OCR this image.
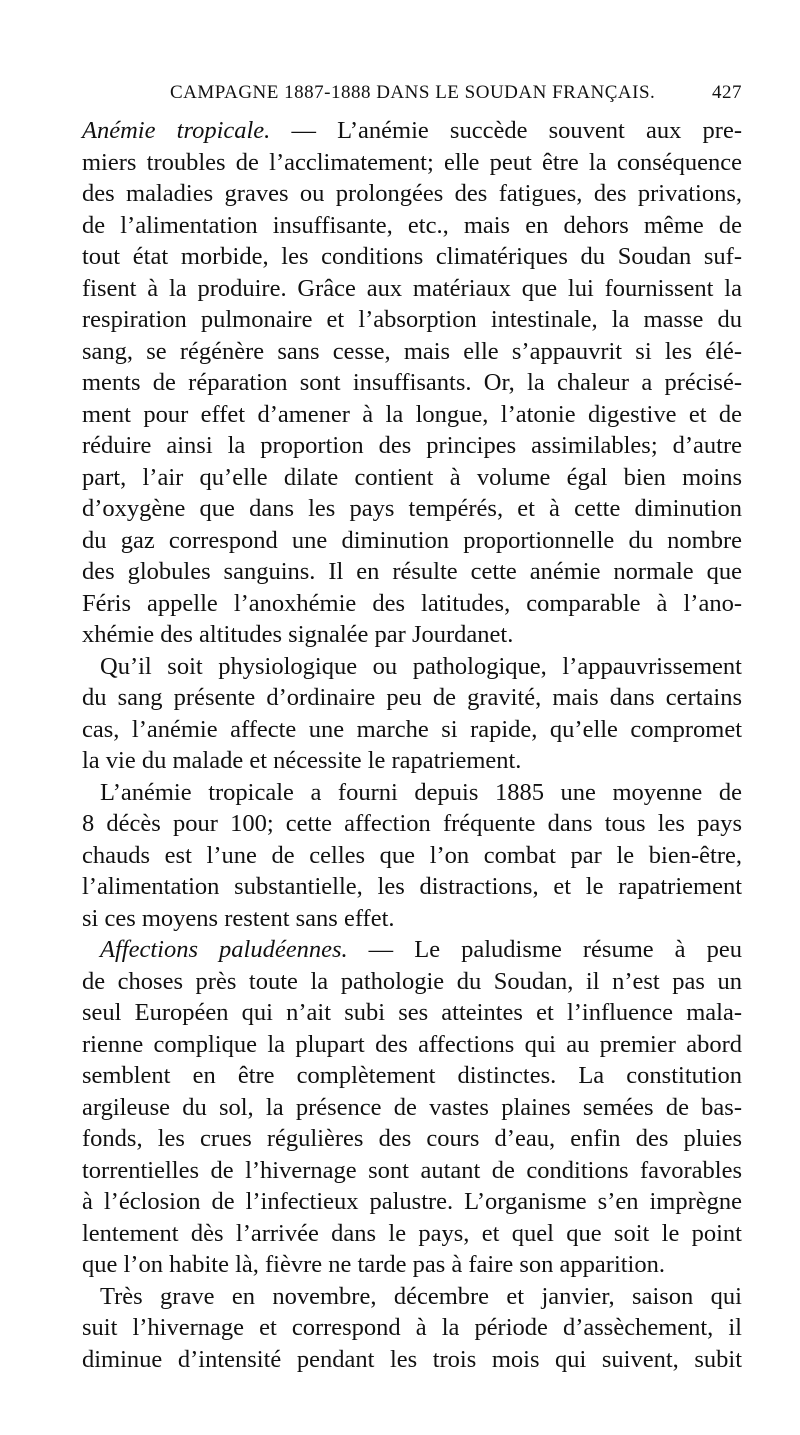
CAMPAGNE 1887-1888 DANS LE SOUDAN FRANÇAIS.	427
Anémie tropicale. — L’anémie succède souvent aux pre-
miers troubles de l’acclimatement; elle peut être la conséquence
des maladies graves ou prolongées des fatigues, des privations,
de l’alimentation insuffisante, etc., mais en dehors même de
tout état morbide, les conditions climatériques du Soudan suf-
fisent à la produire. Grâce aux matériaux que lui fournissent la
respiration pulmonaire et l’absorption intestinale, la masse du
sang, se régénère sans cesse, mais elle s’appauvrit si les élé-
ments de réparation sont insuffisants. Or, la chaleur a précisé-
ment pour effet d’amener à la longue, l’atonie digestive et de
réduire ainsi la proportion des principes assimilables; d’autre
part, l’air qu’elle dilate contient à volume égal bien moins
d’oxygène que dans les pays tempérés, et à cette diminution
du gaz correspond une diminution proportionnelle du nombre
des globules sanguins. Il en résulte cette anémie normale que
Féris appelle l’anoxhémie des latitudes, comparable à l’ano-
xhémie des altitudes signalée par Jourdanet.
Qu’il soit physiologique ou pathologique, l’appauvrissement
du sang présente d’ordinaire peu de gravité, mais dans certains
cas, l’anémie affecte une marche si rapide, qu’elle compromet
la vie du malade et nécessite le rapatriement.
L’anémie tropicale a fourni depuis 1885 une moyenne de
8 décès pour 100; cette affection fréquente dans tous les pays
chauds est l’une de celles que l’on combat par le bien-être,
l’alimentation substantielle, les distractions, et le rapatriement
si ces moyens restent sans effet.
Affections paludéennes. — Le paludisme résume à peu
de choses près toute la pathologie du Soudan, il n’est pas un
seul Européen qui n’ait subi ses atteintes et l’influence mala-
rienne complique la plupart des affections qui au premier abord
semblent en être complètement distinctes. La constitution
argileuse du sol, la présence de vastes plaines semées de bas-
fonds, les crues régulières des cours d’eau, enfin des pluies
torrentielles de l’hivernage sont autant de conditions favorables
à l’éclosion de l’infectieux palustre. L’organisme s’en imprègne
lentement dès l’arrivée dans le pays, et quel que soit le point
que l’on habite là, fièvre ne tarde pas à faire son apparition.
Très grave en novembre, décembre et janvier, saison qui
suit l’hivernage et correspond à la période d’assèchement, il
diminue d’intensité pendant les trois mois qui suivent, subit
